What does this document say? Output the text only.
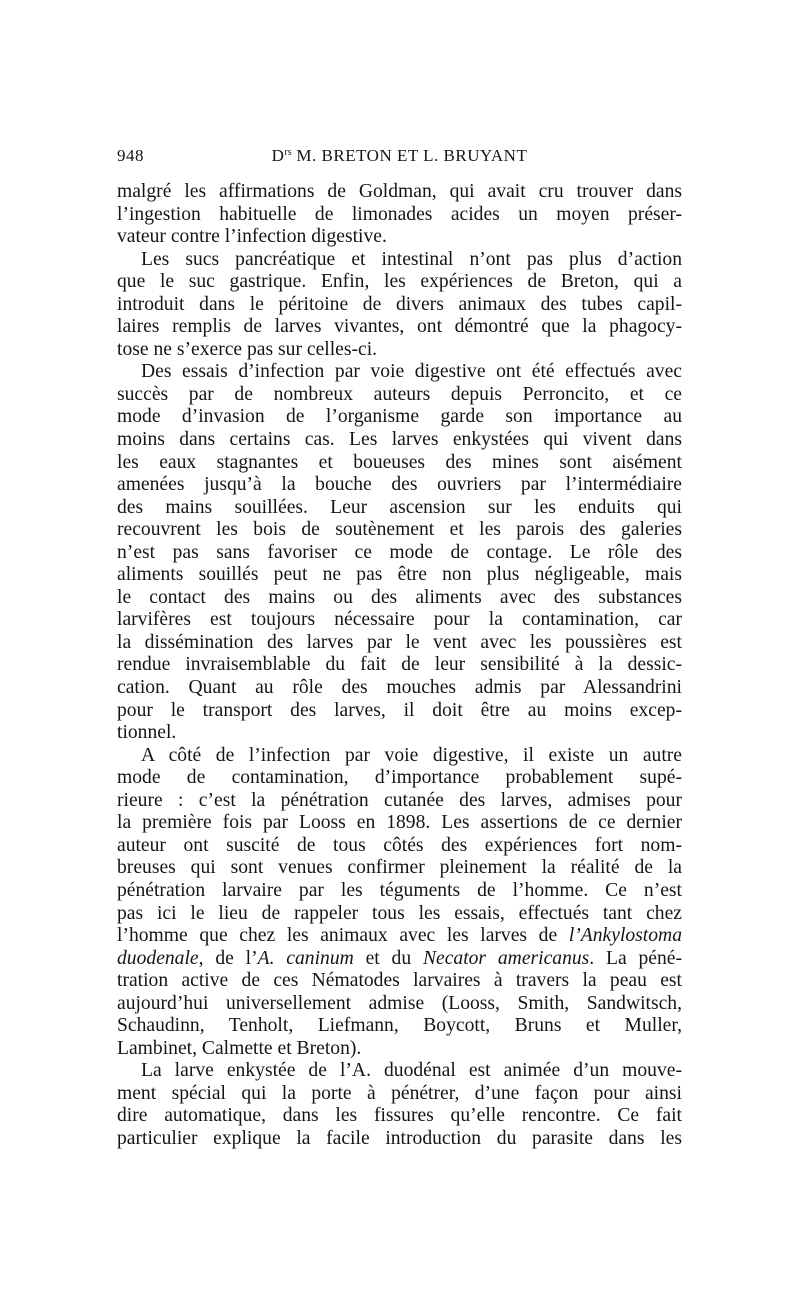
948	$D^{rs}$ M. BRETON ET L. BRUYANT
malgré les affirmations de Goldman, qui avait cru trouver dans
l’ingestion habituelle de limonades acides un moyen préser-
vateur contre l’infection digestive.
Les sucs pancréatique et intestinal n’ont pas plus d’action
que le suc gastrique. Enfin, les expériences de Breton, qui a
introduit dans le péritoine de divers animaux des tubes capil-
laires remplis de larves vivantes, ont démontré que la phagocy-
tose ne s’exerce pas sur celles-ci.
Des essais d’infection par voie digestive ont été effectués avec
succès par de nombreux auteurs depuis Perroncito, et ce
mode d’invasion de l’organisme garde son importance au
moins dans certains cas. Les larves enkystées qui vivent dans
les eaux stagnantes et boueuses des mines sont aisément
amenées jusqu’à la bouche des ouvriers par l’intermédiaire
des mains souillées. Leur ascension sur les enduits qui
recouvrent les bois de soutènement et les parois des galeries
n’est pas sans favoriser ce mode de contage. Le rôle des
aliments souillés peut ne pas être non plus négligeable, mais
le contact des mains ou des aliments avec des substances
larvifères est toujours nécessaire pour la contamination, car
la dissémination des larves par le vent avec les poussières est
rendue invraisemblable du fait de leur sensibilité à la dessic-
cation. Quant au rôle des mouches admis par Alessandrini
pour le transport des larves, il doit être au moins excep-
tionnel.
A côté de l’infection par voie digestive, il existe un autre
mode de contamination, d’importance probablement supé-
rieure : c’est la pénétration cutanée des larves, admises pour
la première fois par Looss en 1898. Les assertions de ce dernier
auteur ont suscité de tous côtés des expériences fort nom-
breuses qui sont venues confirmer pleinement la réalité de la
pénétration larvaire par les téguments de l’homme. Ce n’est
pas ici le lieu de rappeler tous les essais, effectués tant chez
l’homme que chez les animaux avec les larves de l’Ankylostoma
duodenale, de l’A. caninum et du Necator americanus. La péné-
tration active de ces Nématodes larvaires à travers la peau est
aujourd’hui universellement admise (Looss, Smith, Sandwitsch,
Schaudinn, Tenholt, Liefmann, Boycott, Bruns et Muller,
Lambinet, Calmette et Breton).
La larve enkystée de l’A. duodénal est animée d’un mouve-
ment spécial qui la porte à pénétrer, d’une façon pour ainsi
dire automatique, dans les fissures qu’elle rencontre. Ce fait
particulier explique la facile introduction du parasite dans les
